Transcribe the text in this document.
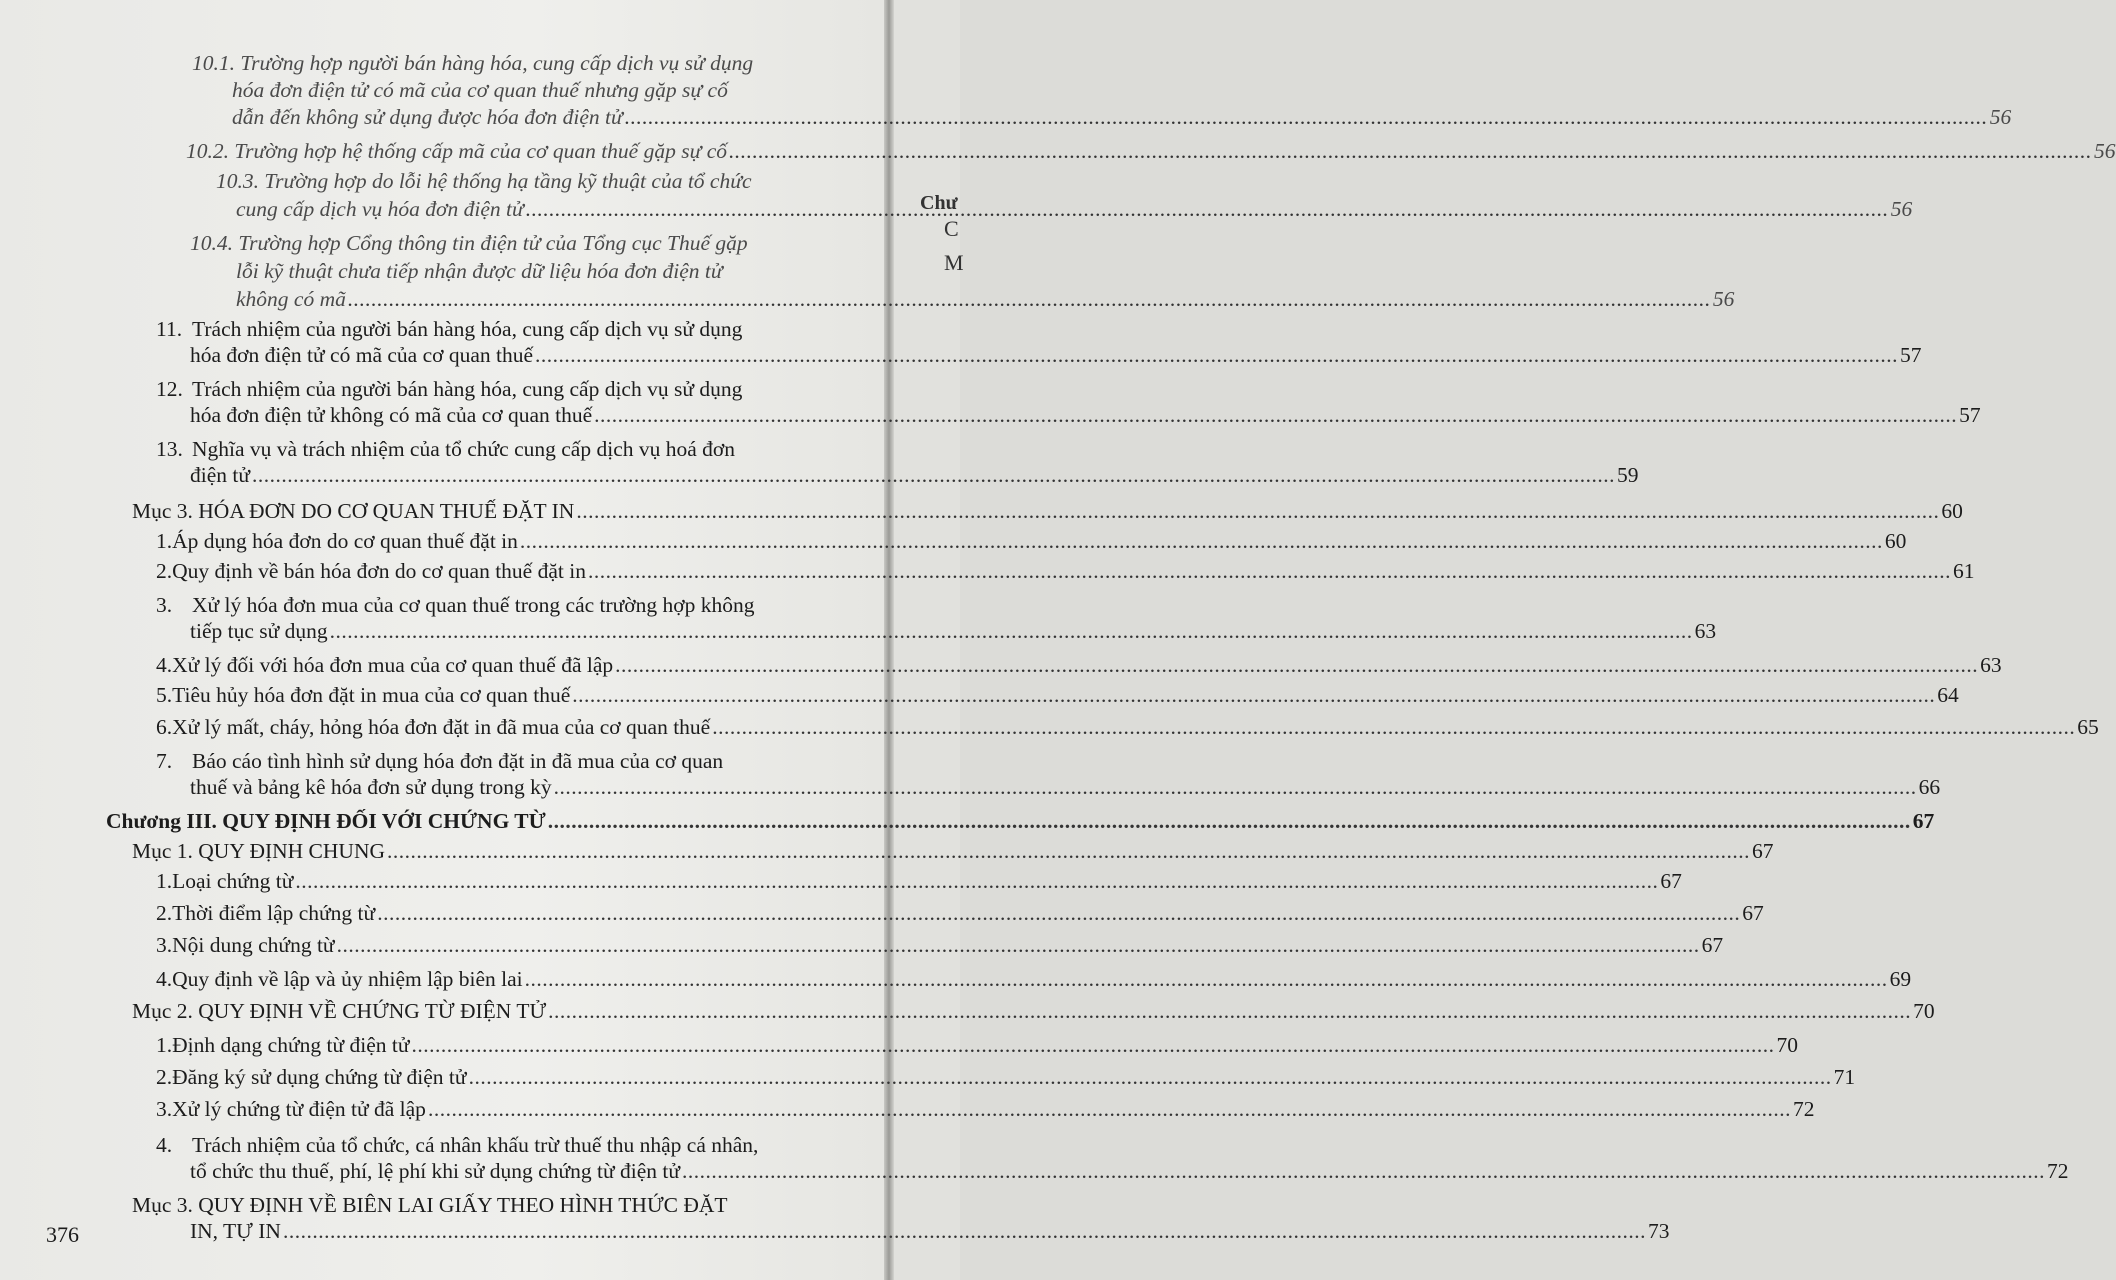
Chư
C
M
10.1. Trường hợp người bán hàng hóa, cung cấp dịch vụ sử dụng
hóa đơn điện tử có mã của cơ quan thuế nhưng gặp sự cố
dẫn đến không sử dụng được hóa đơn điện tử .....	56
10.2. Trường hợp hệ thống cấp mã của cơ quan thuế gặp sự cố .....	56
10.3. Trường hợp do lỗi hệ thống hạ tầng kỹ thuật của tổ chức
cung cấp dịch vụ hóa đơn điện tử .....	56
10.4. Trường hợp Cổng thông tin điện tử của Tổng cục Thuế gặp
lỗi kỹ thuật chưa tiếp nhận được dữ liệu hóa đơn điện tử
không có mã .....	56
11. Trách nhiệm của người bán hàng hóa, cung cấp dịch vụ sử dụng
hóa đơn điện tử có mã của cơ quan thuế .....	57
12. Trách nhiệm của người bán hàng hóa, cung cấp dịch vụ sử dụng
hóa đơn điện tử không có mã của cơ quan thuế .....	57
13. Nghĩa vụ và trách nhiệm của tổ chức cung cấp dịch vụ hoá đơn
điện tử .....	59
Mục 3. HÓA ĐƠN DO CƠ QUAN THUẾ ĐẶT IN .....	60
1. Áp dụng hóa đơn do cơ quan thuế đặt in .....	60
2. Quy định về bán hóa đơn do cơ quan thuế đặt in .....	61
3. Xử lý hóa đơn mua của cơ quan thuế trong các trường hợp không
tiếp tục sử dụng .....	63
4. Xử lý đối với hóa đơn mua của cơ quan thuế đã lập .....	63
5. Tiêu hủy hóa đơn đặt in mua của cơ quan thuế .....	64
6. Xử lý mất, cháy, hỏng hóa đơn đặt in đã mua của cơ quan thuế .....	65
7. Báo cáo tình hình sử dụng hóa đơn đặt in đã mua của cơ quan
thuế và bảng kê hóa đơn sử dụng trong kỳ .....	66
Chương III. QUY ĐỊNH ĐỐI VỚI CHỨNG TỪ .....	67
Mục 1. QUY ĐỊNH CHUNG .....	67
1. Loại chứng từ .....	67
2. Thời điểm lập chứng từ .....	67
3. Nội dung chứng từ .....	67
4. Quy định về lập và ủy nhiệm lập biên lai .....	69
Mục 2. QUY ĐỊNH VỀ CHỨNG TỪ ĐIỆN TỬ .....	70
1. Định dạng chứng từ điện tử .....	70
2. Đăng ký sử dụng chứng từ điện tử .....	71
3. Xử lý chứng từ điện tử đã lập .....	72
4. Trách nhiệm của tổ chức, cá nhân khấu trừ thuế thu nhập cá nhân,
tổ chức thu thuế, phí, lệ phí khi sử dụng chứng từ điện tử .....	72
Mục 3. QUY ĐỊNH VỀ BIÊN LAI GIẤY THEO HÌNH THỨC ĐẶT
IN, TỰ IN .....	73
376
